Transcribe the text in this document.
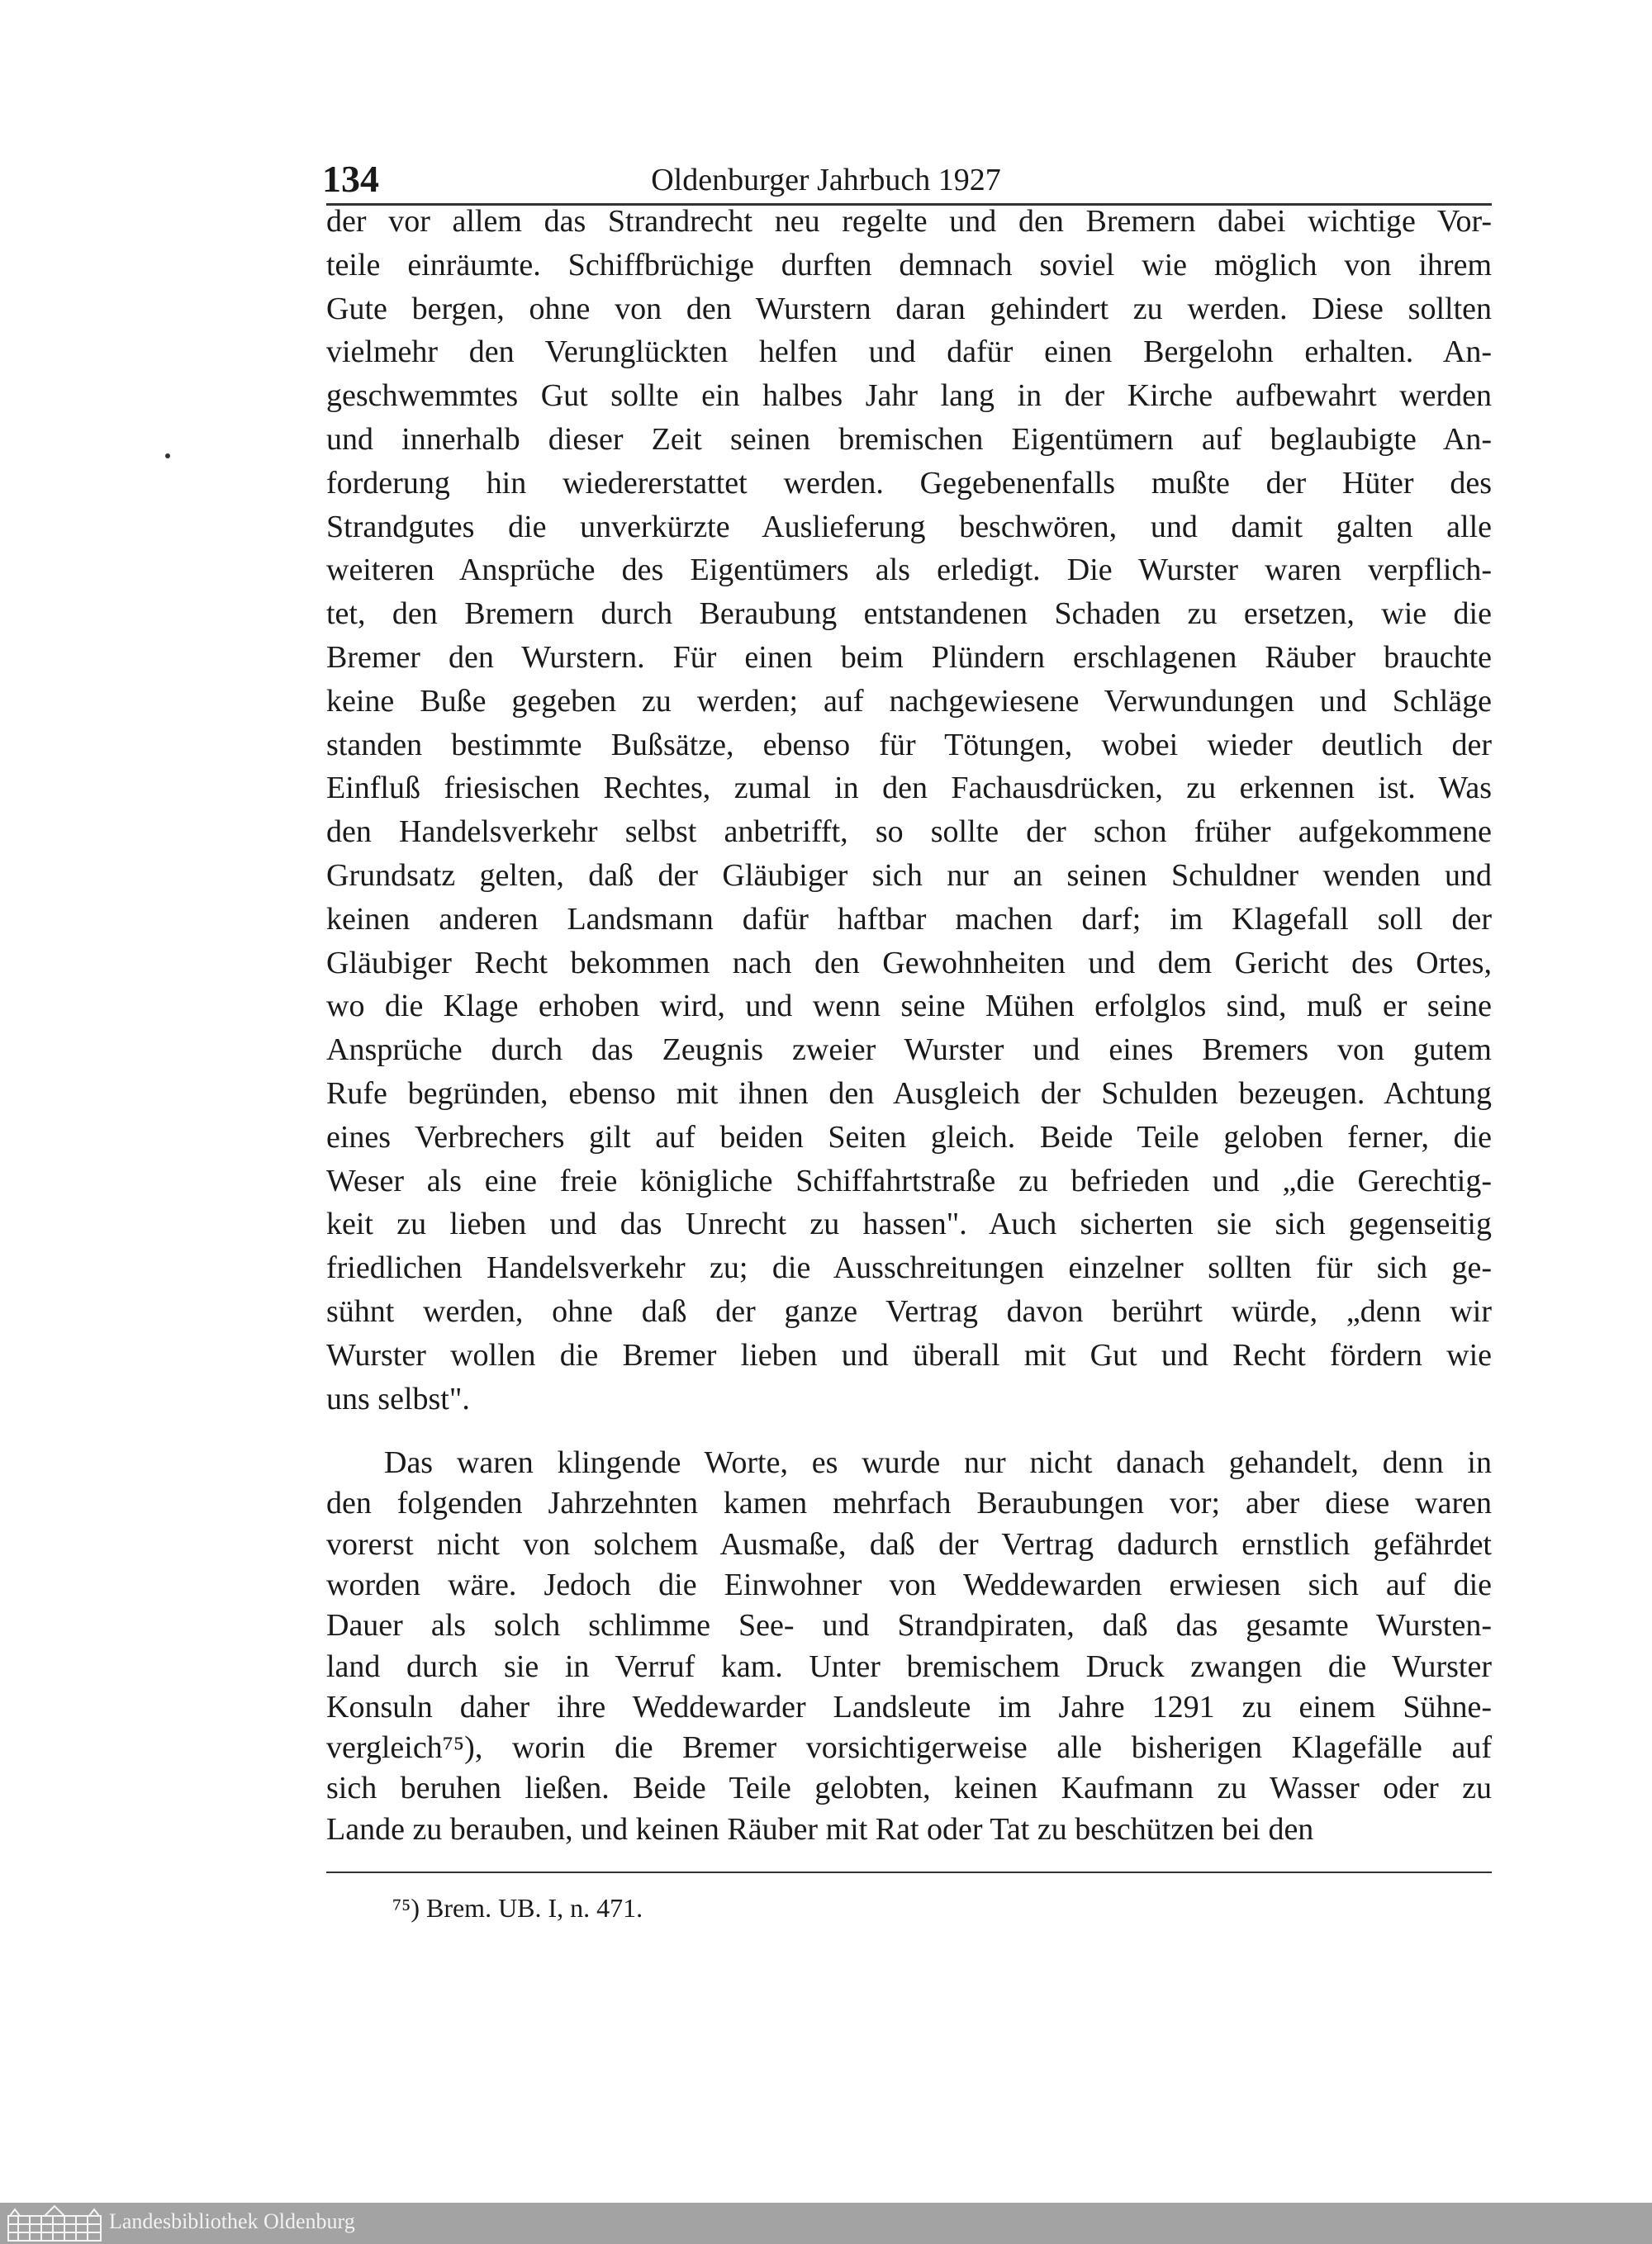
134	Oldenburger Jahrbuch 1927
der vor allem das Strandrecht neu regelte und den Bremern dabei wichtige Vor-
teile einräumte. Schiffbrüchige durften demnach soviel wie möglich von ihrem
Gute bergen, ohne von den Wurstern daran gehindert zu werden. Diese sollten
vielmehr den Verunglückten helfen und dafür einen Bergelohn erhalten. An-
geschwemmtes Gut sollte ein halbes Jahr lang in der Kirche aufbewahrt werden
und innerhalb dieser Zeit seinen bremischen Eigentümern auf beglaubigte An-
forderung hin wiedererstattet werden. Gegebenenfalls mußte der Hüter des
Strandgutes die unverkürzte Auslieferung beschwören, und damit galten alle
weiteren Ansprüche des Eigentümers als erledigt. Die Wurster waren verpflich-
tet, den Bremern durch Beraubung entstandenen Schaden zu ersetzen, wie die
Bremer den Wurstern. Für einen beim Plündern erschlagenen Räuber brauchte
keine Buße gegeben zu werden; auf nachgewiesene Verwundungen und Schläge
standen bestimmte Bußsätze, ebenso für Tötungen, wobei wieder deutlich der
Einfluß friesischen Rechtes, zumal in den Fachausdrücken, zu erkennen ist. Was
den Handelsverkehr selbst anbetrifft, so sollte der schon früher aufgekommene
Grundsatz gelten, daß der Gläubiger sich nur an seinen Schuldner wenden und
keinen anderen Landsmann dafür haftbar machen darf; im Klagefall soll der
Gläubiger Recht bekommen nach den Gewohnheiten und dem Gericht des Ortes,
wo die Klage erhoben wird, und wenn seine Mühen erfolglos sind, muß er seine
Ansprüche durch das Zeugnis zweier Wurster und eines Bremers von gutem
Rufe begründen, ebenso mit ihnen den Ausgleich der Schulden bezeugen. Achtung
eines Verbrechers gilt auf beiden Seiten gleich. Beide Teile geloben ferner, die
Weser als eine freie königliche Schiffahrtstraße zu befrieden und „die Gerechtig-
keit zu lieben und das Unrecht zu hassen". Auch sicherten sie sich gegenseitig
friedlichen Handelsverkehr zu; die Ausschreitungen einzelner sollten für sich ge-
sühnt werden, ohne daß der ganze Vertrag davon berührt würde, „denn wir
Wurster wollen die Bremer lieben und überall mit Gut und Recht fördern wie
uns selbst".
Das waren klingende Worte, es wurde nur nicht danach gehandelt, denn in
den folgenden Jahrzehnten kamen mehrfach Beraubungen vor; aber diese waren
vorerst nicht von solchem Ausmaße, daß der Vertrag dadurch ernstlich gefährdet
worden wäre. Jedoch die Einwohner von Weddewarden erwiesen sich auf die
Dauer als solch schlimme See- und Strandpiraten, daß das gesamte Wursten-
land durch sie in Verruf kam. Unter bremischem Druck zwangen die Wurster
Konsuln daher ihre Weddewarder Landsleute im Jahre 1291 zu einem Sühne-
vergleich⁷⁵), worin die Bremer vorsichtigerweise alle bisherigen Klagefälle auf
sich beruhen ließen. Beide Teile gelobten, keinen Kaufmann zu Wasser oder zu
Lande zu berauben, und keinen Räuber mit Rat oder Tat zu beschützen bei den
⁷⁵) Brem. UB. I, n. 471.
Landesbibliothek Oldenburg
